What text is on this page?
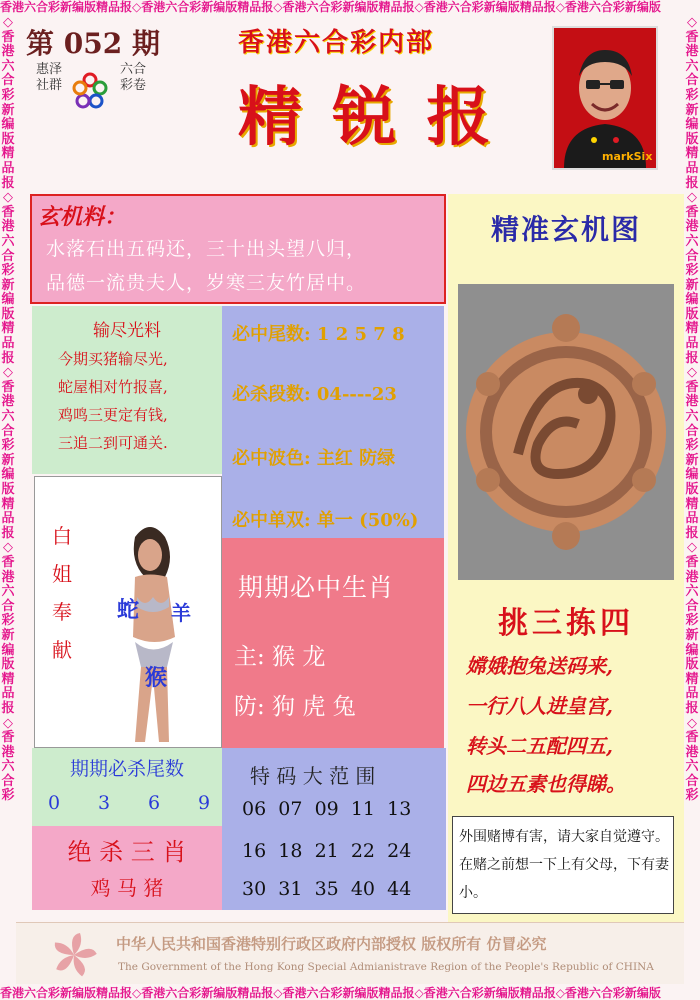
香港六合彩新编版精品报◇香港六合彩新编版精品报◇香港六合彩新编版精品报◇香港六合彩新编版精品报◇香港六合彩新编版
香港六合彩新编版精品报◇香港六合彩新编版精品报◇香港六合彩新编版精品报◇香港六合彩新编版精品报◇香港六合彩新编版
◇香港六合彩新编版精品报◇香港六合彩新编版精品报◇香港六合彩新编版精品报◇香港六合彩新编版精品报◇香港六合彩
◇香港六合彩新编版精品报◇香港六合彩新编版精品报◇香港六合彩新编版精品报◇香港六合彩新编版精品报◇香港六合彩
第 052 期
惠泽社群
六合彩卷
香港六合彩内部
精 锐 报
markSix
玄机料：
水落石出五码还，三十出头望八归，
品德一流贵夫人，岁寒三友竹居中。
输尽光料
今期买猪输尽光,
蛇屋相对竹报喜,
鸡鸣三更定有钱,
三追二到可通关.
必中尾数: 1 2 5 7 8
必杀段数: 04----23
必中波色: 主红 防绿
必中单双: 单一 (50%)
白姐奉献
蛇 羊
猴
期期必中生肖
主: 猴 龙
防: 狗 虎 兔
期期必杀尾数
0 3 6 9
绝 杀 三 肖
鸡 马 猪
特 码 大 范 围
06 07 09 11 13
16 18 21 22 24
30 31 35 40 44
精准玄机图
挑三拣四
嫦娥抱兔送码来,
一行八人进皇宫,
转头二五配四五,
四边五素也得睇。
外围赌博有害，请大家自觉遵守。在赌之前想一下上有父母，下有妻小。
中华人民共和国香港特别行政区政府内部授权 版权所有 仿冒必究
The Government of the Hong Kong Special Admianistrave Region of the People's Republic of CHINA
